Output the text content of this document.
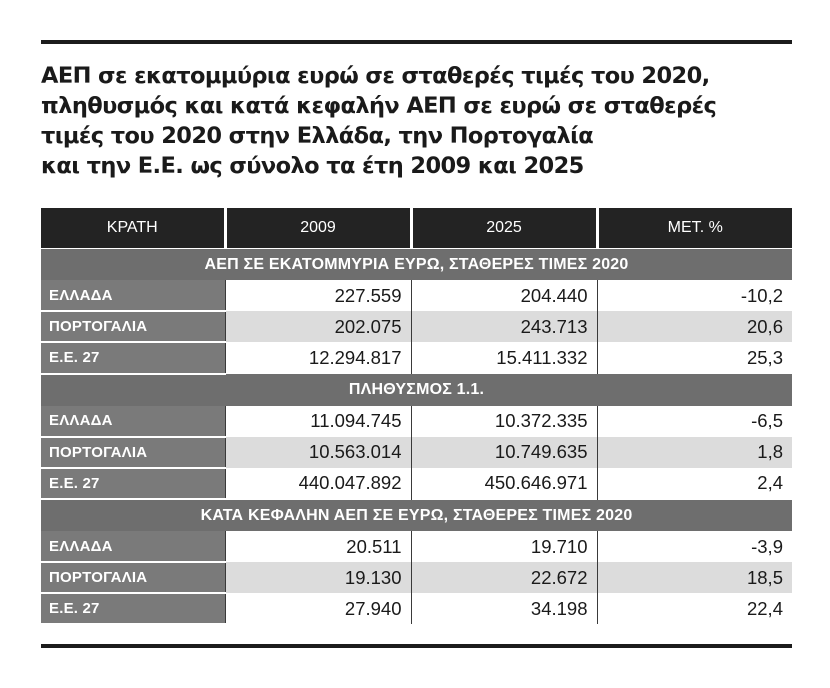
ΑΕΠ σε εκατομμύρια ευρώ σε σταθερές τιμές του 2020,
πληθυσμός και κατά κεφαλήν ΑΕΠ σε ευρώ σε σταθερές
τιμές του 2020 στην Ελλάδα, την Πορτογαλία
και την Ε.Ε. ως σύνολο τα έτη 2009 και 2025
ΚΡΑΤΗ	2009	2025	ΜΕΤ. %
ΑΕΠ ΣΕ ΕΚΑΤΟΜΜΥΡΙΑ ΕΥΡΩ, ΣΤΑΘΕΡΕΣ ΤΙΜΕΣ 2020			
ΕΛΛΑΔΑ	227.559	204.440	-10,2
ΠΟΡΤΟΓΑΛΙΑ	202.075	243.713	20,6
Ε.Ε. 27	12.294.817	15.411.332	25,3
ΠΛΗΘΥΣΜΟΣ 1.1.			
ΕΛΛΑΔΑ	11.094.745	10.372.335	-6,5
ΠΟΡΤΟΓΑΛΙΑ	10.563.014	10.749.635	1,8
Ε.Ε. 27	440.047.892	450.646.971	2,4
ΚΑΤΑ ΚΕΦΑΛΗΝ ΑΕΠ ΣΕ ΕΥΡΩ, ΣΤΑΘΕΡΕΣ ΤΙΜΕΣ 2020			
ΕΛΛΑΔΑ	20.511	19.710	-3,9
ΠΟΡΤΟΓΑΛΙΑ	19.130	22.672	18,5
Ε.Ε. 27	27.940	34.198	22,4
